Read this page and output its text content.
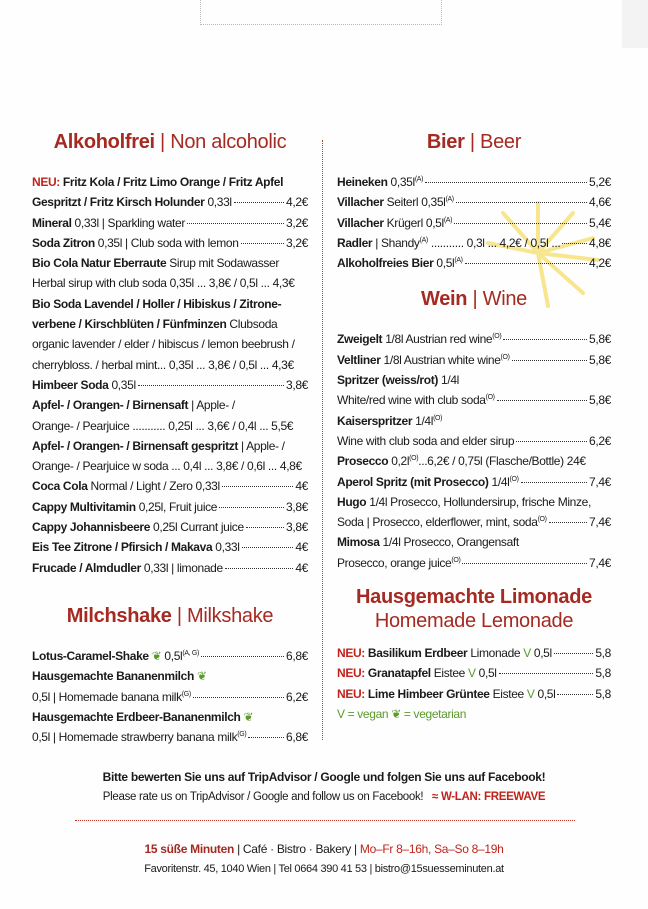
Alkoholfrei | Non alcoholic
NEU: Fritz Kola / Fritz Limo Orange / Fritz Apfel
Gespritzt / Fritz Kirsch Holunder 0,33l	4,2€
Mineral 0,33l | Sparkling water	3,2€
Soda Zitron 0,35l | Club soda with lemon	3,2€
Bio Cola Natur Eberraute Sirup mit Sodawasser
Herbal sirup with club soda 0,35l ... 3,8€ / 0,5l ... 4,3€
Bio Soda Lavendel / Holler / Hibiskus / Zitrone-
verbene / Kirschblüten / Fünfminzen Clubsoda
organic lavender / elder / hibiscus / lemon beebrush /
cherrybloss. / herbal mint... 0,35l ... 3,8€ / 0,5l ... 4,3€
Himbeer Soda 0,35l	3,8€
Apfel- / Orangen- / Birnensaft | Apple- /
Orange- / Pearjuice ........... 0,25l ... 3,6€ / 0,4l ... 5,5€
Apfel- / Orangen- / Birnensaft gespritzt | Apple- /
Orange- / Pearjuice w soda ... 0,4l ... 3,8€ / 0,6l ... 4,8€
Coca Cola Normal / Light / Zero 0,33l	4€
Cappy Multivitamin 0,25l, Fruit juice	3,8€
Cappy Johannisbeere 0,25l Currant juice	3,8€
Eis Tee Zitrone / Pfirsich / Makava 0,33l	4€
Frucade / Almdudler 0,33l | limonade	4€
Milchshake | Milkshake
Lotus-Caramel-Shake ❦ $0,5l^{(A, G)}$	6,8€
Hausgemachte Bananenmilch ❦
0,5l | Homemade banana milk$^{(G)}$	6,2€
Hausgemachte Erdbeer-Bananenmilch ❦
0,5l | Homemade strawberry banana milk$^{(G)}$	6,8€
Bier | Beer
Heineken $0,35l^{(A)}$	5,2€
Villacher Seiterl $0,35l^{(A)}$	4,6€
Villacher Krügerl $0,5l^{(A)}$	5,4€
Radler | Shandy$^{(A)}$ ........... 0,3l ... 4,2€ / 0,5l ... 4,8€
Alkoholfreies Bier $0,5l^{(A)}$	4,2€
Wein | Wine
Zweigelt 1/8l Austrian red wine$^{(O)}$	5,8€
Veltliner 1/8l Austrian white wine$^{(O)}$	5,8€
Spritzer (weiss/rot) 1/4l
White/red wine with club soda$^{(O)}$	5,8€
Kaiserspritzer $1/4l^{(O)}$
Wine with club soda and elder sirup	6,2€
Prosecco $0,2l^{(O)}...6,2€ / 0,75l$ (Flasche/Bottle) 24€
Aperol Spritz (mit Prosecco) $1/4l^{(O)}$	7,4€
Hugo 1/4l Prosecco, Hollundersirup, frische Minze,
Soda | Prosecco, elderflower, mint, soda$^{(O)}$	7,4€
Mimosa 1/4l Prosecco, Orangensaft
Prosecco, orange juice$^{(O)}$	7,4€
Hausgemachte Limonade
Homemade Lemonade
NEU: Basilikum Erdbeer Limonade V 0,5l	5,8
NEU: Granatapfel Eistee V 0,5l	5,8
NEU: Lime Himbeer Grüntee Eistee V 0,5l	5,8
V = vegan ❦ = vegetarian
Bitte bewerten Sie uns auf TripAdvisor / Google und folgen Sie uns auf Facebook!
Please rate us on TripAdvisor / Google and follow us on Facebook! ≈ W-LAN: FREEWAVE
15 süße Minuten | Café · Bistro · Bakery | Mo–Fr 8–16h, Sa–So 8–19h
Favoritenstr. 45, 1040 Wien | Tel 0664 390 41 53 | bistro@15suesseminuten.at
